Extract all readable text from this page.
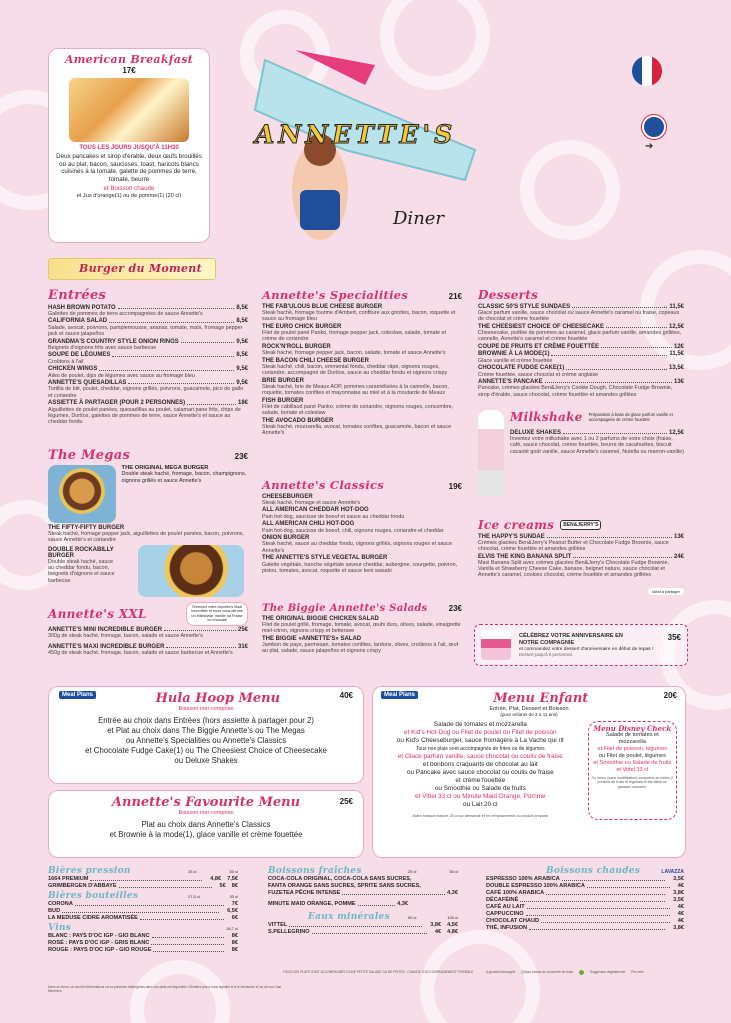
American Breakfast
17€
TOUS LES JOURS JUSQU'À 11H30
Deux pancakes et sirop d'érable, deux œufs brouillés ou au plat, bacon, saucisses, toast, haricots blancs cuisinés à la tomate, galette de pommes de terre, tomate, beurre
et Boisson chaude
et Jus d'orange(1) ou de pomme(1) (20 cl)
ANNETTE'S
Diner
➔
Burger du Moment
Entrées
HASH BROWN POTATO	8,5€
Galettes de pommes de terre accompagnées de sauce Annette's
CALIFORNIA SALAD	8,5€
Salade, avocat, poivrons, pamplemousse, ananas, tomate, maïs, fromage pepper jack et sauce jalapeños
GRANDMA'S COUNTRY STYLE ONION RINGS	9,5€
Beignets d'oignons frits avec sauce barbecue
SOUPE DE LÉGUMES	8,5€
Croûtons à l'ail
CHICKEN WINGS	9,5€
Ailes de poulet, dips de légumes avec sauce au fromage bleu
ANNETTE'S QUESADILLAS	9,5€
Tortilla de blé, poulet, cheddar, oignons grillés, poivrons, guacamole, pico de gallo et coriandre
ASSIETTE À PARTAGER (POUR 2 PERSONNES)	18€
Aiguillettes de poulet panées, quesadillas au poulet, calamari pane frits, chips de légumes, Doritos, galettes de pommes de terre, sauce Annette's et sauce au cheddar fondu
The Megas	23€
THE ORIGINAL MEGA BURGER
Double steak haché, fromage, bacon, champignons, oignons grillés et sauce Annette's
THE FIFTY-FIFTY BURGER
Steak haché, fromage pepper jack, aiguillettes de poulet panées, bacon, poivrons, sauce Annette's et coriandre
DOUBLE ROCKABILLY BURGER
Double steak haché, sauce au cheddar fondu, bacon, beignets d'oignons et sauce barbecue
Annette's XXL	Terminez votre Annette's Maxi Incredible et nous vous offrons un Milkshake Vanille ou Fraise ou chocolat
ANNETTE'S MINI INCREDIBLE BURGER	25€
300g de steak haché, fromage, bacon, salade et sauce Annette's
ANNETTE'S MAXI INCREDIBLE BURGER	31€
450g de steak haché, fromage, bacon, salade et sauce barbecue et Annette's
Annette's Specialities	21€
THE FAB'ULOUS BLUE CHEESE BURGER
Steak haché, fromage fourme d'Ambert, confiture aux griottes, bacon, roquette et sauce au fromage bleu
THE EURO CHICK BURGER
Filet de poulet pané Panko, fromage pepper jack, coleslaw, salade, tomate et crème de coriandre
ROCK'N'ROLL BURGER
Steak haché, fromage pepper jack, bacon, salade, tomate et sauce Annette's
THE BACON CHILI CHEESE BURGER
Steak haché, chili, bacon, emmental fondu, cheddar râpé, oignons rouges, coriandre, accompagné de Doritos, sauce au cheddar fondu et oignons crispy
BRIE BURGER
Steak haché, brie de Meaux AOP, pommes caramélisées à la cannelle, bacon, roquette, tomates confites et mayonnaise au miel et à la moutarde de Meaux
FISH BURGER
Filet de cabillaud pané Panko, crème de coriandre, oignons rouges, concombre, salade, tomate et coleslaw
THE AVOCADO BURGER
Steak haché, mozzarella, avocat, tomates confites, guacamole, bacon et sauce Annette's
Annette's Classics	19€
CHEESEBURGER
Steak haché, fromage et sauce Annette's
ALL AMERICAN CHEDDAR HOT-DOG
Pain hot-dog, saucisse de boeuf et sauce au cheddar fondu
ALL AMERICAN CHILI HOT-DOG
Pain hot-dog, saucisse de boeuf, chili, oignons rouges, coriandre et cheddar
ONION BURGER
Steak haché, sauce au cheddar fondu, oignons grillés, oignons rouges et sauce Annette's
THE ANNETTE'S STYLE VEGETAL BURGER
Galette végétale, tranche végétale saveur cheddar, aubergine, courgette, poivron, pistou, tomates, avocat, roquette et sauce keni wasabi
The Biggie Annette's Salads	23€
THE ORIGINAL BIGGIE CHICKEN SALAD
Filet de poulet grillé, fromage, tomate, avocat, œufs durs, olives, salade, vinaigrette miel-citron, oignons crispy et betterave
THE BIGGIE «ANNETTE'S» SALAD
Jambon de pays, parmesan, tomates confites, lardons, olives, croûtons à l'ail, œuf au plat, salade, sauce jalapeños et oignons crispy
Desserts
CLASSIC 50'S STYLE SUNDAES	11,5€
Glace parfum vanille, sauce chocolat ou sauce Annette's caramel ou fraise, copeaux de chocolat et crème fouettée
THE CHEESIEST CHOICE OF CHEESECAKE	12,5€
Cheesecake, poêlée de pommes au caramel, glace parfum vanille, amandes grillées, cannelle, Annette's caramel et crème fouettée
COUPE DE FRUITS ET CRÈME FOUETTÉE	12€
BROWNIE À LA MODE(1)	11,5€
Glace vanille et crème fouettée
CHOCOLATE FUDGE CAKE(1)	13,5€
Crème fouettée, sauce chocolat et crème anglaise
ANNETTE'S PANCAKE	13€
Pancake, crèmes glacées Ben&Jerry's Cookie Dough, Chocolate Fudge Brownie, sirop d'érable, sauce chocolat, crème fouettée et amandes grillées
Milkshake Préparation à base de glace parfum vanille et accompagnée de crème fouettée
DELUXE SHAKES	12,5€
Inventez votre milkshake avec 1 ou 2 parfums de votre choix (fraise, café, sauce chocolat, crème fouettée, beurre de cacahuètes, biscuit cacaoté goût vanille, sauce Annette's caramel, Nutella ou marron-vanille)
Ice creams	BEN&JERRY'S
THE HAPPY'S SUNDAE	13€
Crèmes glacées Ben&Jerry's Peanut Butter et Chocolate Fudge Brownie, sauce chocolat, crème fouettée et amandes grillées
ELVIS THE KING BANANA SPLIT	24€
Maxi Banana Split avec crèmes glacées Ben&Jerry's Chocolate Fudge Brownie, Vanilla et Strawberry Cheese Cake, banane, beignet nature, sauce chocolat et Annette's caramel, cookies chocolat, crème fouettée et amandes grillées
Idéal à partager
CÉLÉBREZ VOTRE ANNIVERSAIRE EN NOTRE COMPAGNIE
35€
et commandez votre dessert d'anniversaire en début de repas !
Dessert jusqu'à 8 personnes.
Meal Plans	Hula Hoop Menu	40€
Boisson non comprise
Entrée au choix dans Entrées (hors assiette à partager pour 2)
et Plat au choix dans The Biggie Annette's ou The Megas
ou Annette's Specialities ou Annette's Classics
et Chocolate Fudge Cake(1) ou The Cheesiest Choice of Cheesecake
ou Deluxe Shakes
Annette's Favourite Menu	25€
Boisson non comprise
Plat au choix dans Annette's Classics
et Brownie à la mode(1), glace vanille et crème fouettée
Meal Plans	Menu Enfant	20€
Entrée, Plat, Dessert et Boisson
(pour enfants de 3 à 11 ans)
Salade de tomates et mozzarella
et Kid's Hot-Dog ou Filet de poulet ou Filet de poisson
ou Kid's Cheeseburger, sauce fromagère à La Vache qui rit
Tous nos plats sont accompagnés de frites ou de légumes
et Glace parfum vanille, sauce chocolat ou coulis de fraise
et bonbons craquants de chocolat au lait
ou Pancake avec sauce chocolat ou coulis de fraise
et crème fouettée
ou Smoothie ou Salade de fruits
et Vittel 33 cl ou Minute Maid Orange, Pomme
ou Lait 20 cl
Autre boisson fraîche 25 cl sur demande et en remplacement du produit proposé
Menu Disney Check
Salade de tomates et mozzarella
et Filet de poisson, légumes
ou Filet de poulet, légumes
et Smoothie ou Salade de fruits
et Vittel 33 cl
Ce menu (sans modification) comprend au moins 2 portions de fruits et légumes et est faible en graisses saturées.
Bières pression	25 cl	50 cl
1664 PREMIUM	4,8€ 7,5€
GRIMBERGEN D'ABBAYE	5€ 8€
Bières bouteilles	27,5 cl	33 cl
CORONA	7€
BUD	6,5€
LA MEDUSE CIDRE AROMATISÉE	6€
Vins	18,7 cl
BLANC : PAYS D'OC IGP - GIO BLANC	8€
ROSÉ : PAYS D'OC IGP - GRIS BLANC	8€
ROUGE : PAYS D'OC IGP - GIO ROUGE	8€
Boissons fraîches	25 cl	50 cl
COCA-COLA ORIGINAL, COCA-COLA SANS SUCRES,
FANTA ORANGE SANS SUCRES, SPRITE SANS SUCRES,
FUZETEA PÊCHE INTENSE	4,3€
MINUTE MAID ORANGE, POMME	4,3€
Eaux minérales	50 cl	100 cl
VITTEL	3,8€ 4,5€
S.PELLEGRINO	4€ 4,8€
Boissons chaudes	LAVAZZA
ESPRESSO 100% ARABICA	3,5€
DOUBLE ESPRESSO 100% ARABICA	4€
CAFÉ 100% ARABICA	3,8€
DÉCAFÉINÉ	3,5€
CAFÉ AU LAIT	4€
CAPPUCCINO	4€
CHOCOLAT CHAUD	4€
THÉ, INFUSION	3,8€
Dans ce menu, ce nourrit d'informations sur la présence d'allergènes dans nos plats est disponible. N'hésitez pas à nous signaler et à le demander à l'un de nos Cast Members.
TOUS NOS PLATS SONT ACCOMPAGNÉS D'UNE PETITE SALADE OU DE FRITES - CHANGE D'ACCOMPAGNEMENT POSSIBLE	(1)produit décongelé (2)Issu à base de concentré de fruits	Suggestion végétarienne Prix nets
